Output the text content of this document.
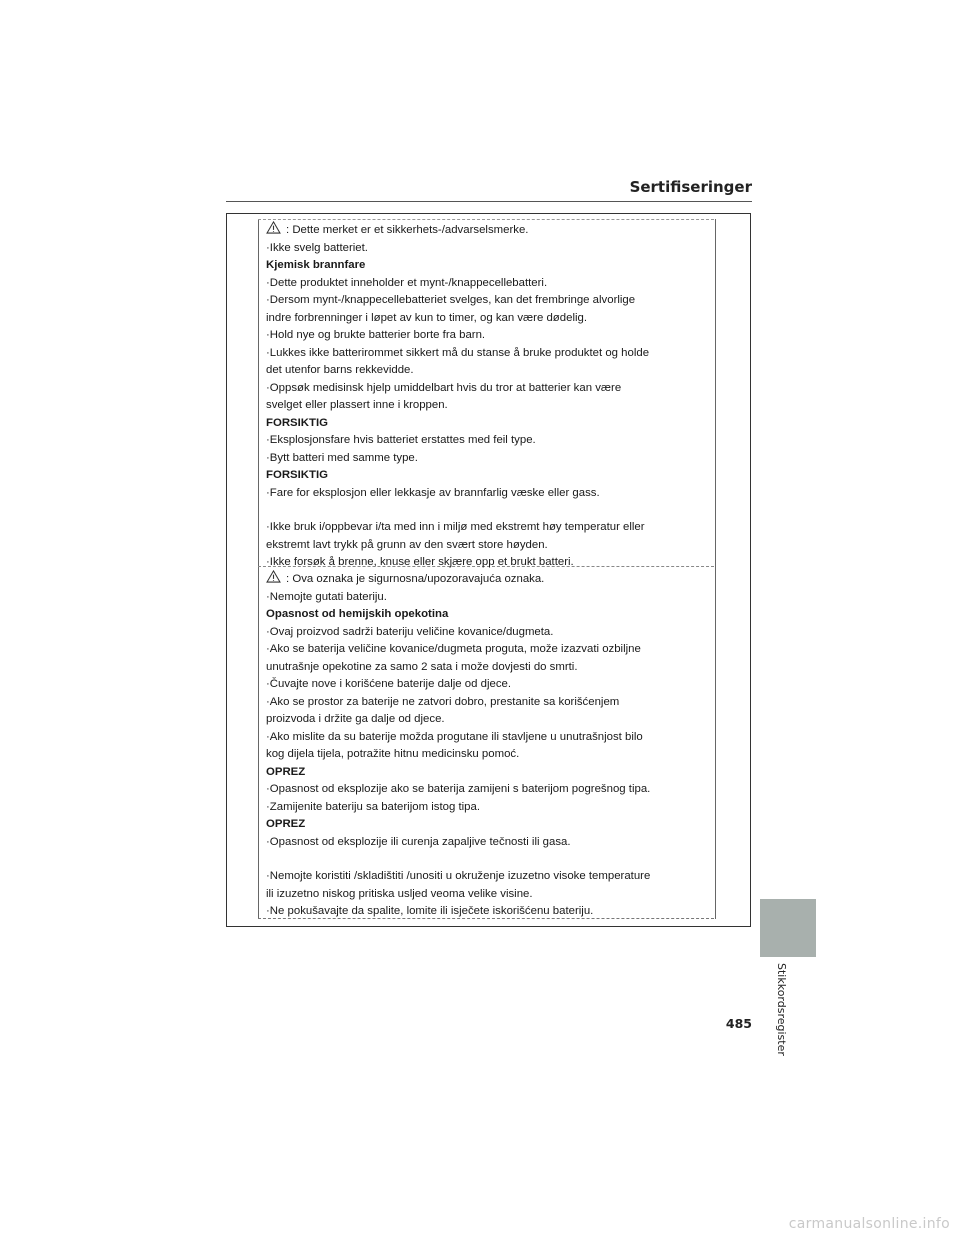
Sertifiseringer
: Dette merket er et sikkerhets-/advarselsmerke.
·Ikke svelg batteriet.
Kjemisk brannfare
·Dette produktet inneholder et mynt-/knappecellebatteri.
·Dersom mynt-/knappecellebatteriet svelges, kan det frembringe alvorlige
indre forbrenninger i løpet av kun to timer, og kan være dødelig.
·Hold nye og brukte batterier borte fra barn.
·Lukkes ikke batterirommet sikkert må du stanse å bruke produktet og holde
det utenfor barns rekkevidde.
·Oppsøk medisinsk hjelp umiddelbart hvis du tror at batterier kan være
svelget eller plassert inne i kroppen.
FORSIKTIG
·Eksplosjonsfare hvis batteriet erstattes med feil type.
·Bytt batteri med samme type.
FORSIKTIG
·Fare for eksplosjon eller lekkasje av brannfarlig væske eller gass.
·Ikke bruk i/oppbevar i/ta med inn i miljø med ekstremt høy temperatur eller
ekstremt lavt trykk på grunn av den svært store høyden.
·Ikke forsøk å brenne, knuse eller skjære opp et brukt batteri.
: Ova oznaka je sigurnosna/upozoravajuća oznaka.
·Nemojte gutati bateriju.
Opasnost od hemijskih opekotina
·Ovaj proizvod sadrži bateriju veličine kovanice/dugmeta.
·Ako se baterija veličine kovanice/dugmeta proguta, može izazvati ozbiljne
unutrašnje opekotine za samo 2 sata i može dovjesti do smrti.
·Čuvajte nove i korišćene baterije dalje od djece.
·Ako se prostor za baterije ne zatvori dobro, prestanite sa korišćenjem
proizvoda i držite ga dalje od djece.
·Ako mislite da su baterije možda progutane ili stavljene u unutrašnjost bilo
kog dijela tijela, potražite hitnu medicinsku pomoć.
OPREZ
·Opasnost od eksplozije ako se baterija zamijeni s baterijom pogrešnog tipa.
·Zamijenite bateriju sa baterijom istog tipa.
OPREZ
·Opasnost od eksplozije ili curenja zapaljive tečnosti ili gasa.
·Nemojte koristiti /skladištiti /unositi u okruženje izuzetno visoke temperature
ili izuzetno niskog pritiska usljed veoma velike visine.
·Ne pokušavajte da spalite, lomite ili isječete iskorišćenu bateriju.
Stikkordsregister
485
carmanualsonline.info
